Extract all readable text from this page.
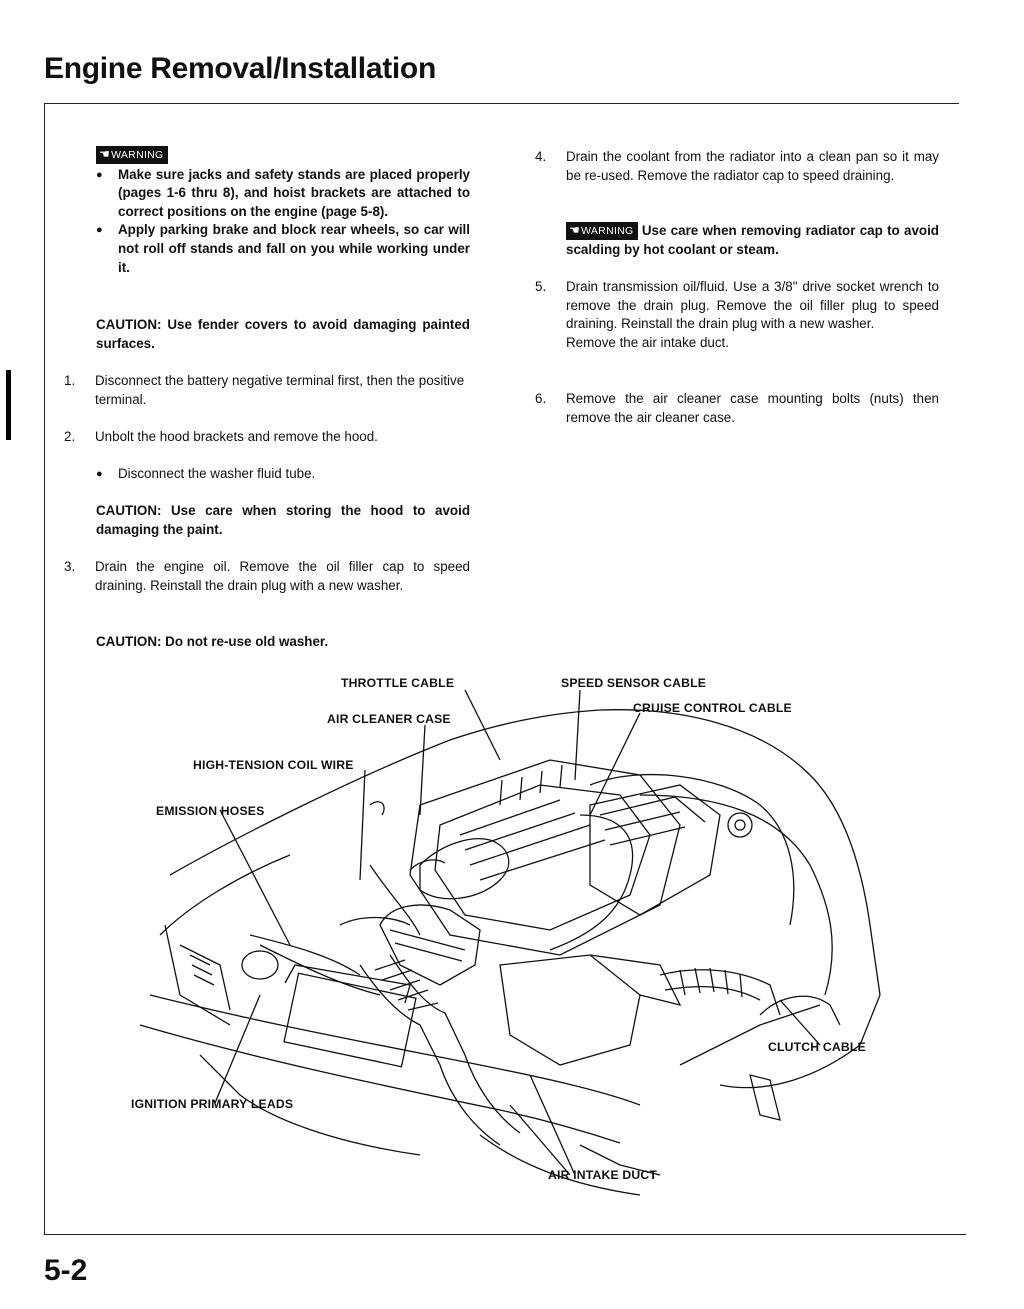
Engine Removal/Installation
☚WARNING
●	Make sure jacks and safety stands are placed properly (pages 1-6 thru 8), and hoist brackets are attached to correct positions on the engine (page 5-8).
●	Apply parking brake and block rear wheels, so car will not roll off stands and fall on you while working under it.
CAUTION: Use fender covers to avoid damaging painted surfaces.
1.	Disconnect the battery negative terminal first, then the positive terminal.
2.	Unbolt the hood brackets and remove the hood.
●	Disconnect the washer fluid tube.
CAUTION: Use care when storing the hood to avoid damaging the paint.
3.	Drain the engine oil. Remove the oil filler cap to speed draining. Reinstall the drain plug with a new washer.
CAUTION: Do not re-use old washer.
4.	Drain the coolant from the radiator into a clean pan so it may be re-used. Remove the radiator cap to speed draining.
☚WARNING Use care when removing radiator cap to avoid scalding by hot coolant or steam.
5.	Drain transmission oil/fluid. Use a 3/8" drive socket wrench to remove the drain plug. Remove the oil filler plug to speed draining. Reinstall the drain plug with a new washer.
Remove the air intake duct.
6.	Remove the air cleaner case mounting bolts (nuts) then remove the air cleaner case.
THROTTLE CABLE
AIR CLEANER CASE
HIGH-TENSION COIL WIRE
EMISSION HOSES
SPEED SENSOR CABLE
CRUISE CONTROL CABLE
CLUTCH CABLE
IGNITION PRIMARY LEADS
AIR INTAKE DUCT
5-2
